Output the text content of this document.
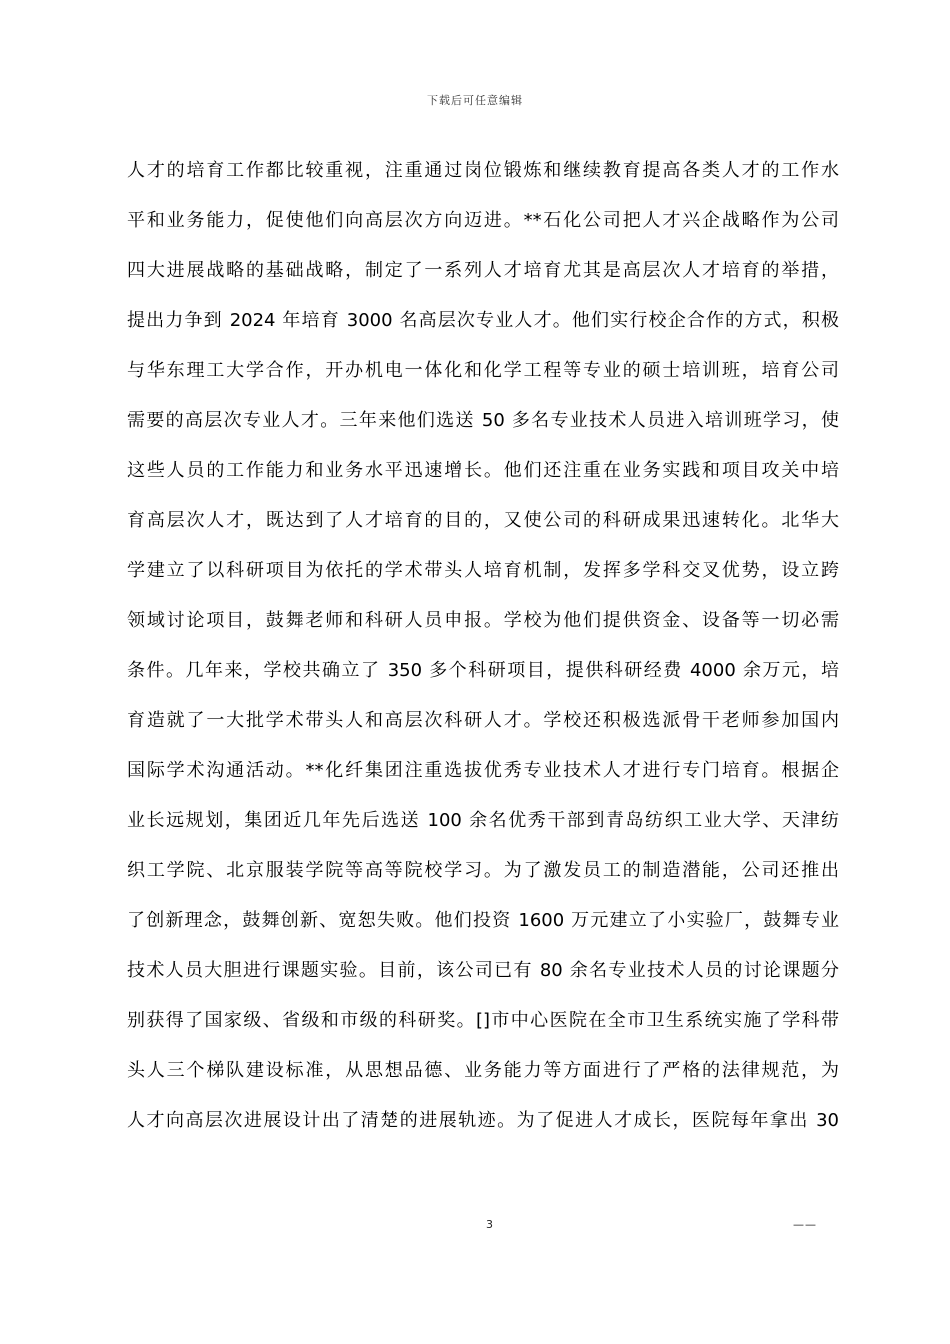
下载后可任意编辑
人才的培育工作都比较重视，注重通过岗位锻炼和继续教育提高各类人才的工作水
平和业务能力，促使他们向高层次方向迈进。**石化公司把人才兴企战略作为公司
四大进展战略的基础战略，制定了一系列人才培育尤其是高层次人才培育的举措，
提出力争到 2024 年培育 3000 名高层次专业人才。他们实行校企合作的方式，积极
与华东理工大学合作，开办机电一体化和化学工程等专业的硕士培训班，培育公司
需要的高层次专业人才。三年来他们选送 50 多名专业技术人员进入培训班学习，使
这些人员的工作能力和业务水平迅速增长。他们还注重在业务实践和项目攻关中培
育高层次人才，既达到了人才培育的目的，又使公司的科研成果迅速转化。北华大
学建立了以科研项目为依托的学术带头人培育机制，发挥多学科交叉优势，设立跨
领域讨论项目，鼓舞老师和科研人员申报。学校为他们提供资金、设备等一切必需
条件。几年来，学校共确立了 350 多个科研项目，提供科研经费 4000 余万元，培
育造就了一大批学术带头人和高层次科研人才。学校还积极选派骨干老师参加国内
国际学术沟通活动。**化纤集团注重选拔优秀专业技术人才进行专门培育。根据企
业长远规划，集团近几年先后选送 100 余名优秀干部到青岛纺织工业大学、天津纺
织工学院、北京服装学院等高等院校学习。为了激发员工的制造潜能，公司还推出
了创新理念，鼓舞创新、宽恕失败。他们投资 1600 万元建立了小实验厂，鼓舞专业
技术人员大胆进行课题实验。目前，该公司已有 80 余名专业技术人员的讨论课题分
别获得了国家级、省级和市级的科研奖。[]市中心医院在全市卫生系统实施了学科带
头人三个梯队建设标准，从思想品德、业务能力等方面进行了严格的法律规范，为
人才向高层次进展设计出了清楚的进展轨迹。为了促进人才成长，医院每年拿出 30
3	——
